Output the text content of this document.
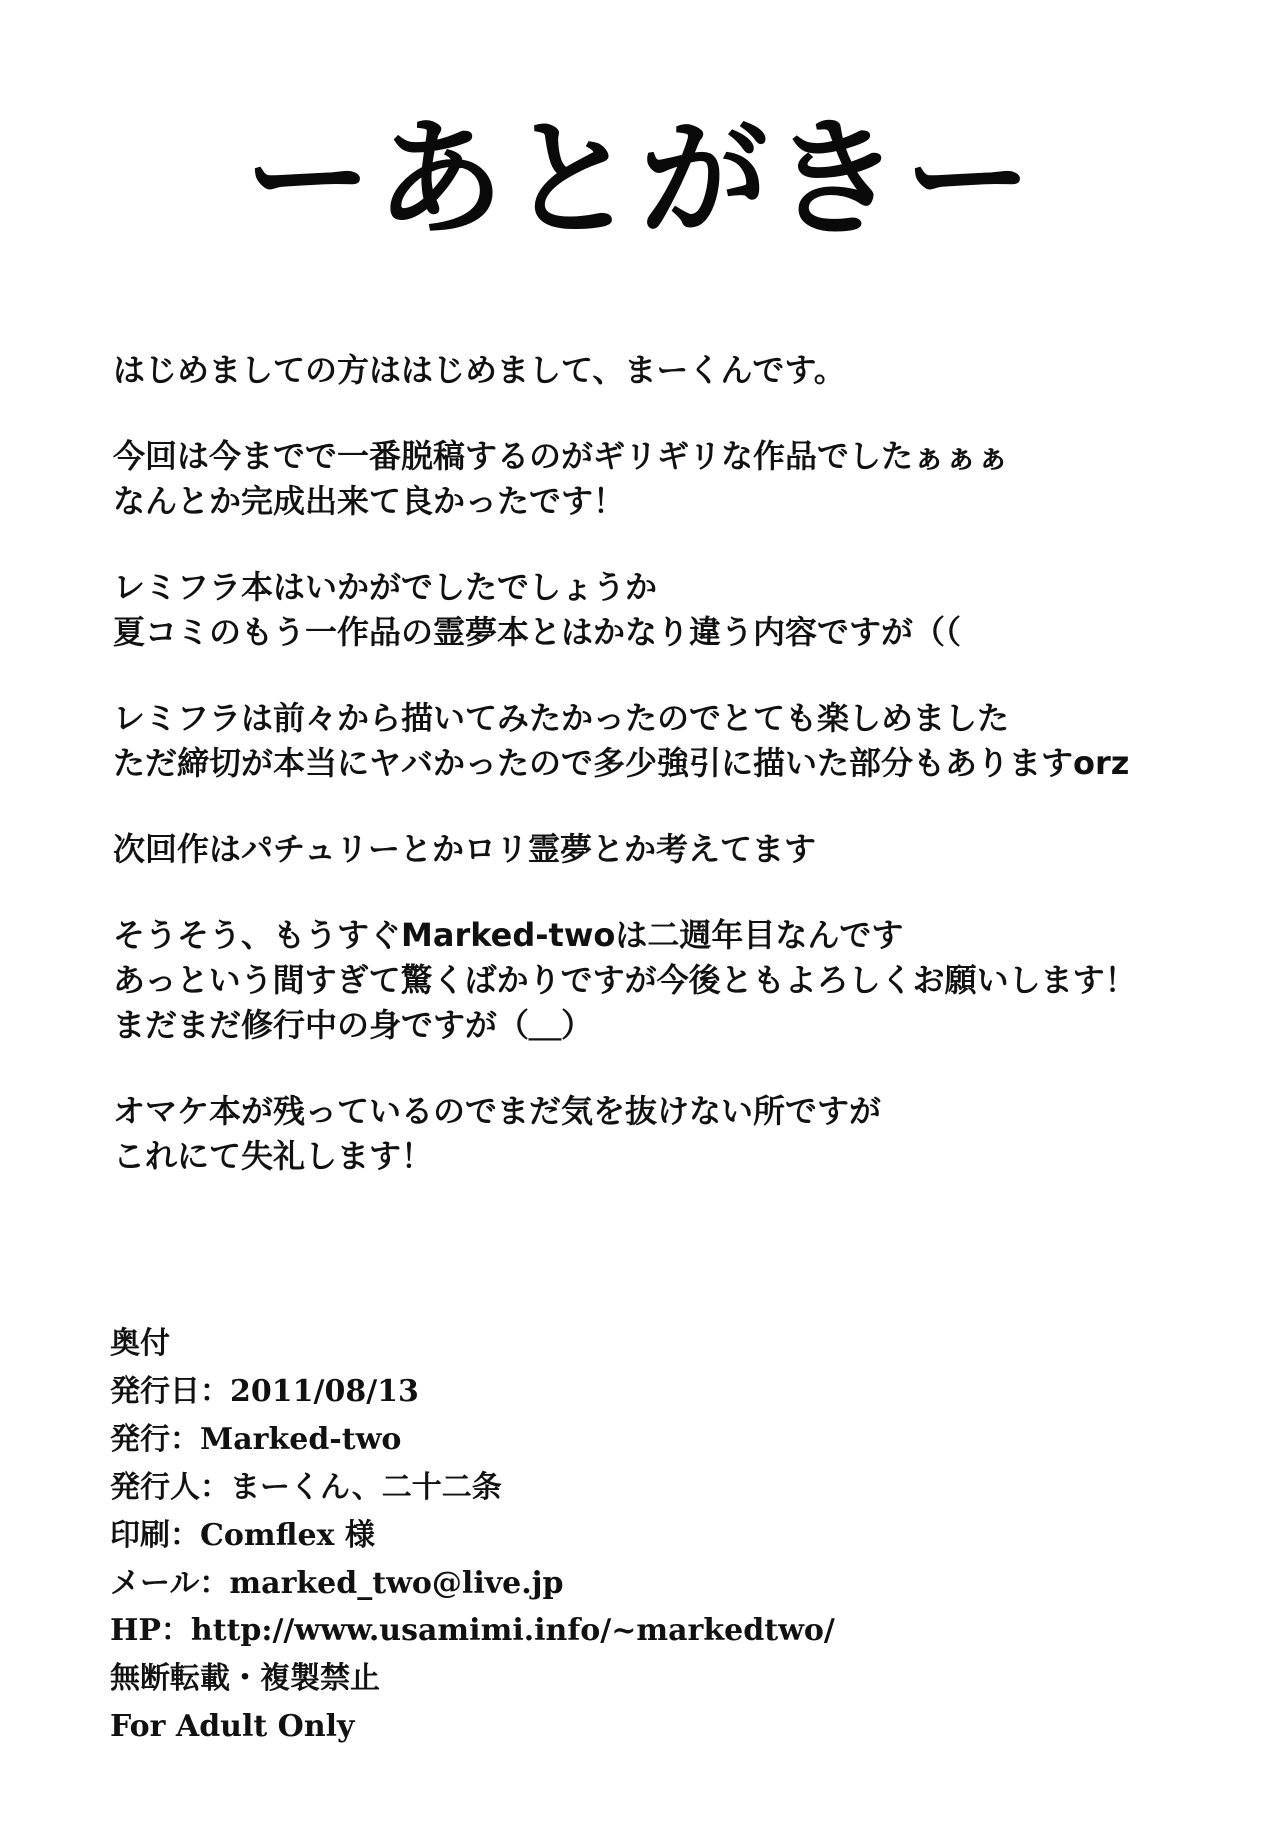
ーあとがきー
はじめましての方ははじめまして、まーくんです。
今回は今までで一番脱稿するのがギリギリな作品でしたぁぁぁ
なんとか完成出来て良かったです！
レミフラ本はいかがでしたでしょうか
夏コミのもう一作品の霊夢本とはかなり違う内容ですが（（
レミフラは前々から描いてみたかったのでとても楽しめました
ただ締切が本当にヤバかったので多少強引に描いた部分もありますorz
次回作はパチュリーとかロリ霊夢とか考えてます
そうそう、もうすぐMarked-twoは二週年目なんです
あっという間すぎて驚くばかりですが今後ともよろしくお願いします！
まだまだ修行中の身ですが（＿）
オマケ本が残っているのでまだ気を抜けない所ですが
これにて失礼します！
奥付
発行日：2011/08/13
発行：Marked-two
発行人：まーくん、二十二条
印刷：Comflex 様
メール：marked_two@live.jp
HP：http://www.usamimi.info/~markedtwo/
無断転載・複製禁止
For Adult Only
